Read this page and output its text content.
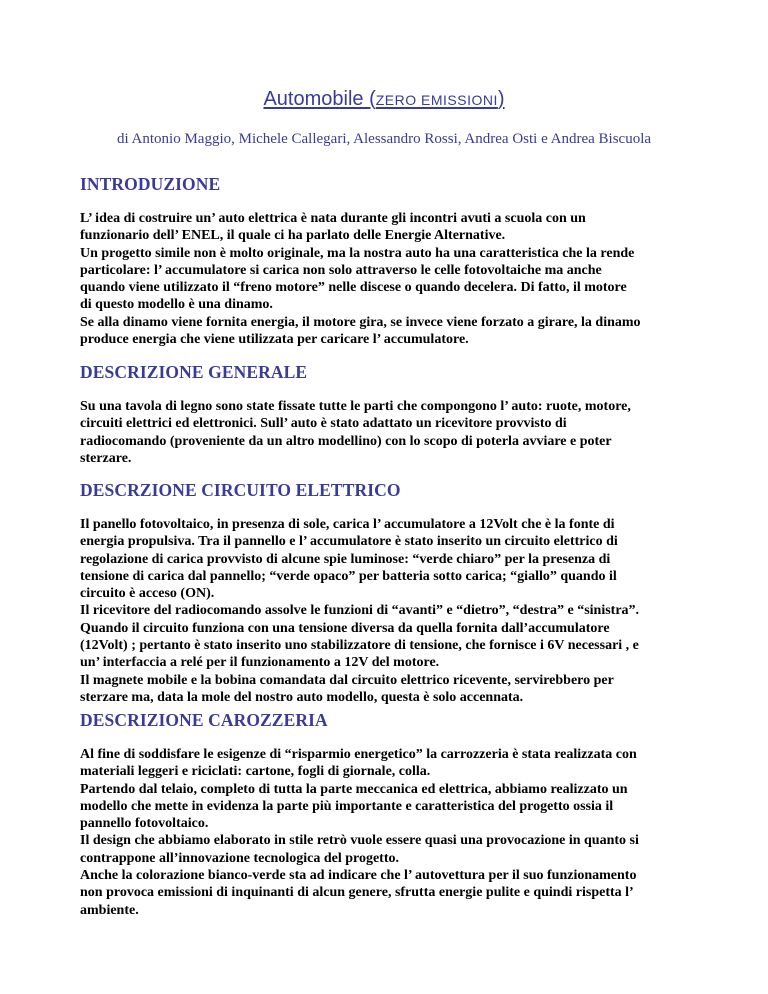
Automobile (ZERO EMISSIONI)
di Antonio Maggio, Michele Callegari, Alessandro Rossi, Andrea Osti e Andrea Biscuola
INTRODUZIONE
L’ idea di costruire un’ auto elettrica è nata durante gli incontri avuti a scuola con un
funzionario dell’ ENEL, il quale ci ha parlato delle Energie Alternative.
Un progetto simile non è molto originale, ma la nostra auto ha una caratteristica che la rende
particolare: l’ accumulatore si carica non solo attraverso le celle fotovoltaiche ma anche
quando viene utilizzato il “freno motore” nelle discese o quando decelera. Di fatto, il motore
di questo modello è una dinamo.
Se alla dinamo viene fornita energia, il motore gira, se invece viene forzato a girare, la dinamo
produce energia che viene utilizzata per caricare l’ accumulatore.
DESCRIZIONE GENERALE
Su una tavola di legno sono state fissate tutte le parti che compongono l’ auto: ruote, motore,
circuiti elettrici ed elettronici. Sull’ auto è stato adattato un ricevitore provvisto di
radiocomando (proveniente da un altro modellino) con lo scopo di poterla avviare e poter
sterzare.
DESCRZIONE CIRCUITO ELETTRICO
Il panello fotovoltaico, in presenza di sole, carica l’ accumulatore a 12Volt che è la fonte di
energia propulsiva. Tra il pannello e l’ accumulatore è stato inserito un circuito elettrico di
regolazione di carica provvisto di alcune spie luminose: “verde chiaro” per la presenza di
tensione di carica dal pannello; “verde opaco” per batteria sotto carica; “giallo” quando il
circuito è acceso (ON).
Il ricevitore del radiocomando assolve le funzioni di “avanti” e “dietro”, “destra” e “sinistra”.
Quando il circuito funziona con una tensione diversa da quella fornita dall’accumulatore
(12Volt) ; pertanto è stato inserito uno stabilizzatore di tensione, che fornisce i 6V necessari , e
un’ interfaccia a relé per il funzionamento a 12V del motore.
Il magnete mobile e la bobina comandata dal circuito elettrico ricevente, servirebbero per
sterzare ma, data la mole del nostro auto modello, questa è solo accennata.
DESCRIZIONE CAROZZERIA
Al fine di soddisfare le esigenze di “risparmio energetico” la carrozzeria è stata realizzata con
materiali leggeri e riciclati: cartone, fogli di giornale, colla.
Partendo dal telaio, completo di tutta la parte meccanica ed elettrica, abbiamo realizzato un
modello che mette in evidenza la parte più importante e caratteristica del progetto ossia il
pannello fotovoltaico.
Il design che abbiamo elaborato in stile retrò vuole essere quasi una provocazione in quanto si
contrappone all’innovazione tecnologica del progetto.
Anche la colorazione bianco-verde sta ad indicare che l’ autovettura per il suo funzionamento
non provoca emissioni di inquinanti di alcun genere, sfrutta energie pulite e quindi rispetta l’
ambiente.
